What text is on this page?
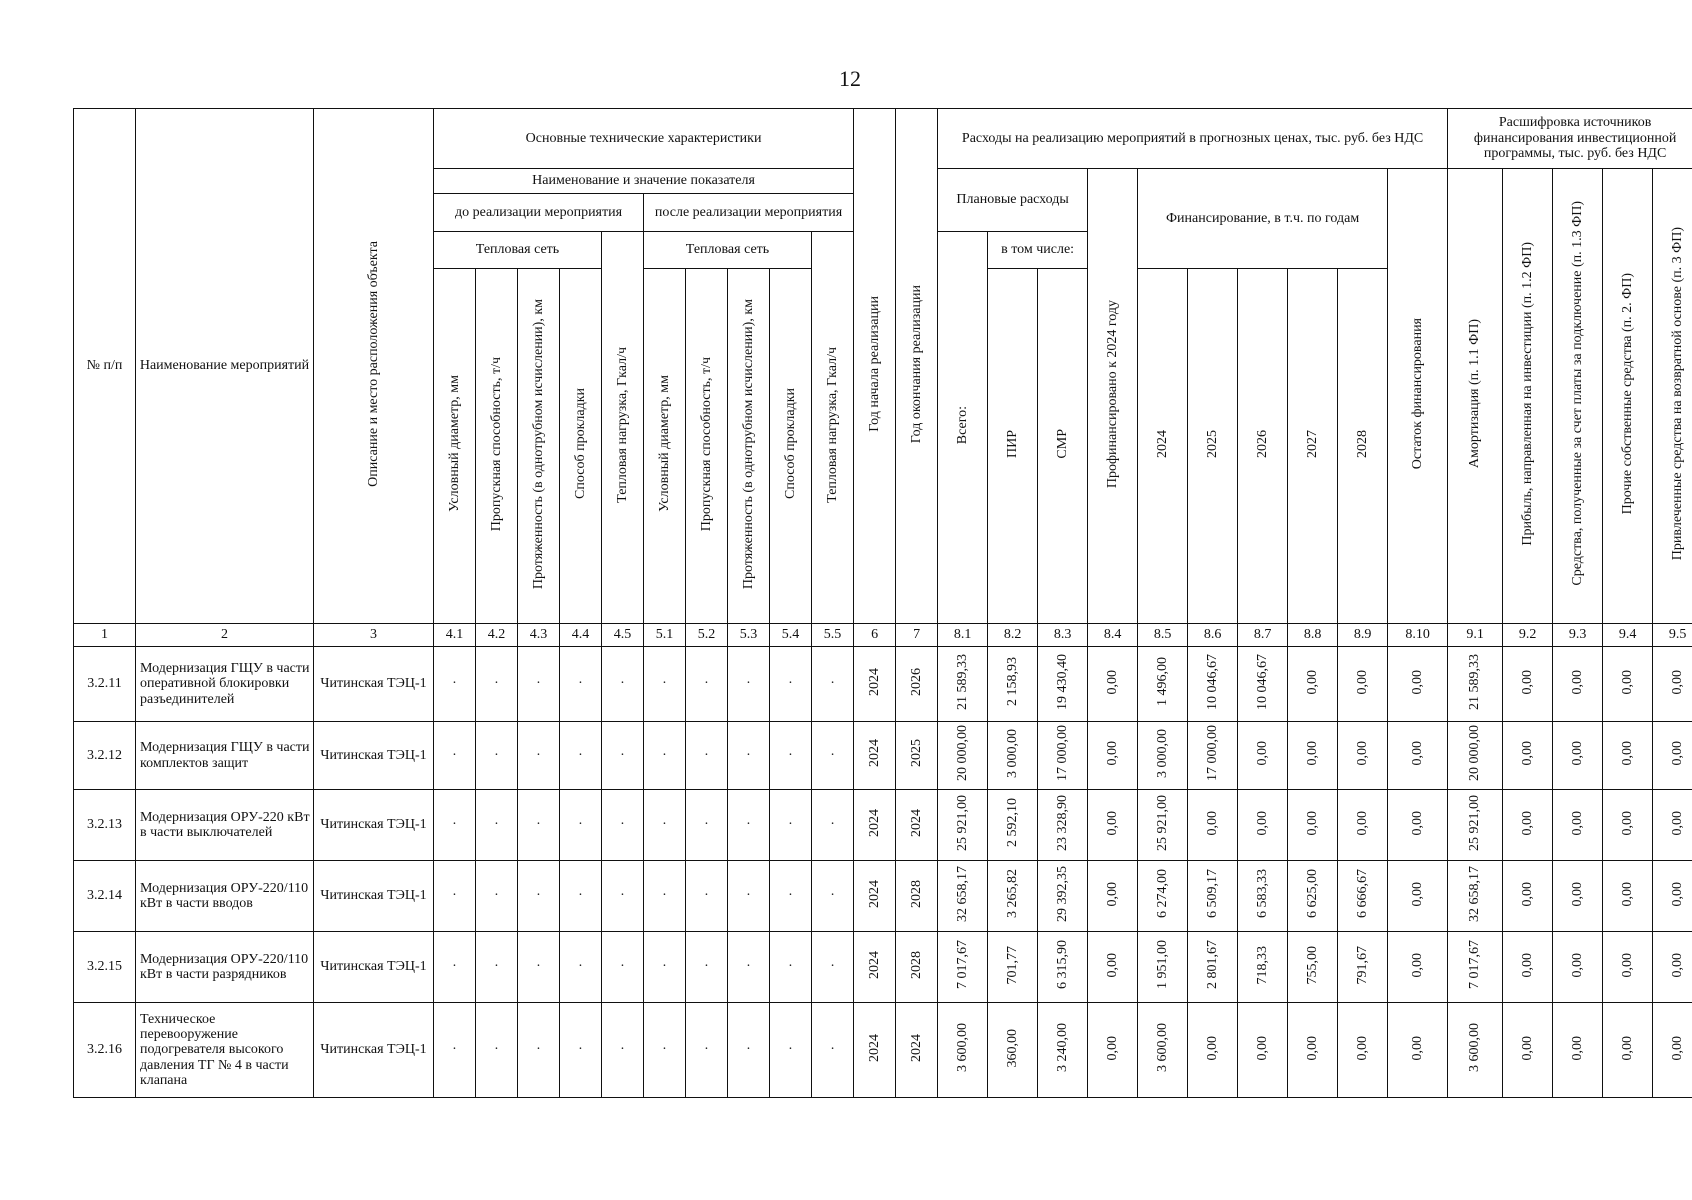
12
№ п/п	Наименование мероприятий	Описание и место расположения объекта	Основные технические характеристики										Год начала реализации	Год окончания реализации	Расходы на реализацию мероприятий в прогнозных ценах, тыс. руб. без НДС										Расшифровка источников финансирования инвестиционной программы, тыс. руб. без НДС				
			Наименование и значение показателя												Плановые расходы			Профинансировано к 2024 году	Финансирование, в т.ч. по годам					Остаток финансирования	Амортизация (п. 1.1 ФП)	Прибыль, направленная на инвестиции (п. 1.2 ФП)	Средства, полученные за счет платы за подключение (п. 1.3 ФП)	Прочие собственные средства (п. 2. ФП)	Привлеченные средства на возвратной основе (п. 3 ФП)
			до реализации мероприятия					после реализации мероприятия																					
			Тепловая сеть				Тепловая нагрузка, Гкал/ч	Тепловая сеть				Тепловая нагрузка, Гкал/ч			Всего:	в том числе:													
			Условный диаметр, мм	Пропускная способность, т/ч	Протяженность (в однотрубном исчислении), км	Способ прокладки		Условный диаметр, мм	Пропускная способность, т/ч	Протяженность (в однотрубном исчислении), км	Способ прокладки					ПИР	СМР		2024	2025	2026	2027	2028						
1	2	3	4.1	4.2	4.3	4.4	4.5	5.1	5.2	5.3	5.4	5.5	6	7	8.1	8.2	8.3	8.4	8.5	8.6	8.7	8.8	8.9	8.10	9.1	9.2	9.3	9.4	9.5
3.2.11	Модернизация ГЩУ в части оперативной блокировки разъединителей	Читинская ТЭЦ-1	·	·	·	·	·	·	·	·	·	·	2024	2026	21 589,33	2 158,93	19 430,40	0,00	1 496,00	10 046,67	10 046,67	0,00	0,00	0,00	21 589,33	0,00	0,00	0,00	0,00
3.2.12	Модернизация ГЩУ в части комплектов защит	Читинская ТЭЦ-1	·	·	·	·	·	·	·	·	·	·	2024	2025	20 000,00	3 000,00	17 000,00	0,00	3 000,00	17 000,00	0,00	0,00	0,00	0,00	20 000,00	0,00	0,00	0,00	0,00
3.2.13	Модернизация ОРУ-220 кВт в части выключателей	Читинская ТЭЦ-1	·	·	·	·	·	·	·	·	·	·	2024	2024	25 921,00	2 592,10	23 328,90	0,00	25 921,00	0,00	0,00	0,00	0,00	0,00	25 921,00	0,00	0,00	0,00	0,00
3.2.14	Модернизация ОРУ-220/110 кВт в части вводов	Читинская ТЭЦ-1	·	·	·	·	·	·	·	·	·	·	2024	2028	32 658,17	3 265,82	29 392,35	0,00	6 274,00	6 509,17	6 583,33	6 625,00	6 666,67	0,00	32 658,17	0,00	0,00	0,00	0,00
3.2.15	Модернизация ОРУ-220/110 кВт в части разрядников	Читинская ТЭЦ-1	·	·	·	·	·	·	·	·	·	·	2024	2028	7 017,67	701,77	6 315,90	0,00	1 951,00	2 801,67	718,33	755,00	791,67	0,00	7 017,67	0,00	0,00	0,00	0,00
3.2.16	Техническое перевооружение подогревателя высокого давления ТГ № 4 в части клапана	Читинская ТЭЦ-1	·	·	·	·	·	·	·	·	·	·	2024	2024	3 600,00	360,00	3 240,00	0,00	3 600,00	0,00	0,00	0,00	0,00	0,00	3 600,00	0,00	0,00	0,00	0,00
